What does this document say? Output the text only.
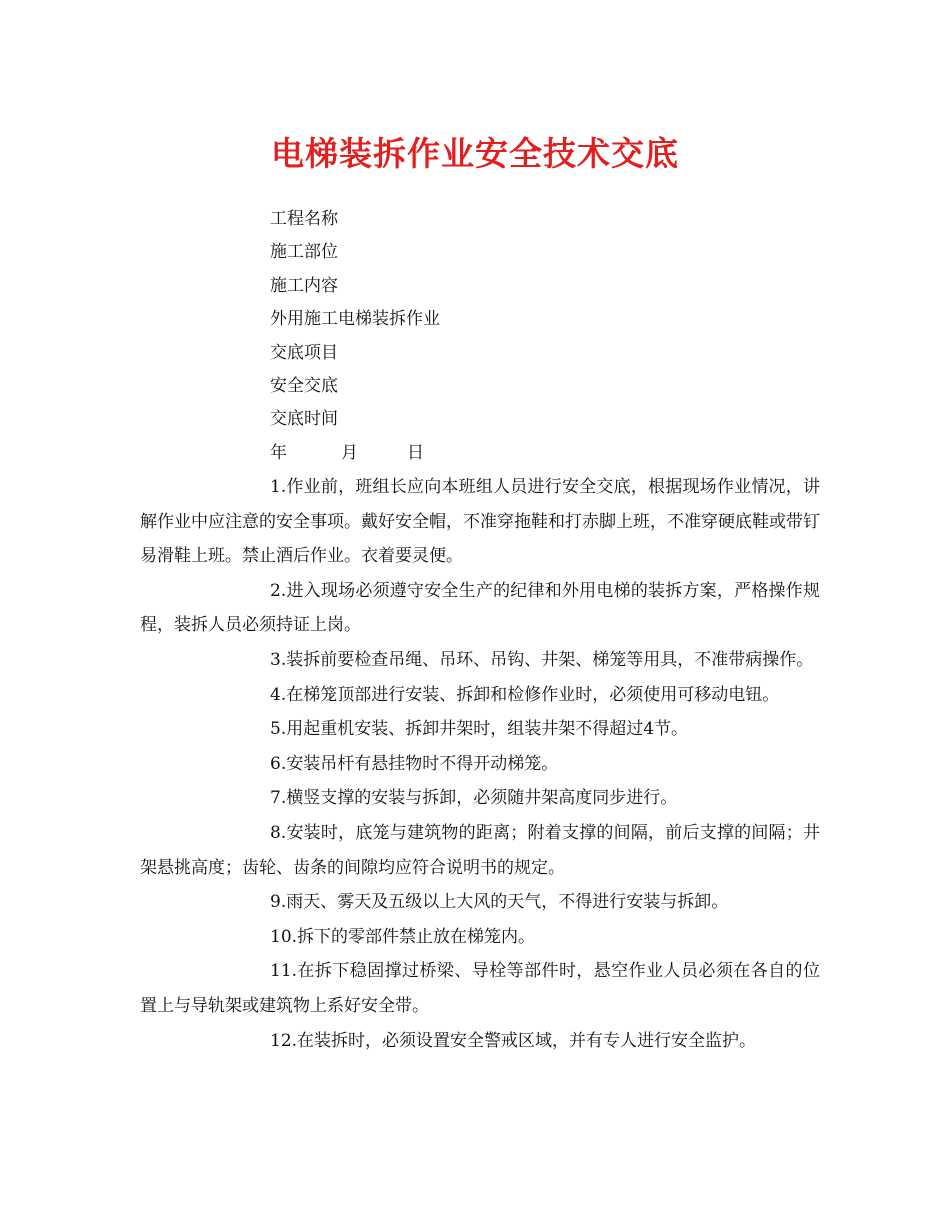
电梯装拆作业安全技术交底
工程名称
施工部位
施工内容
外用施工电梯装拆作业
交底项目
安全交底
交底时间
年	月	日

1.作业前，班组长应向本班组人员进行安全交底，根据现场作业情况，讲解作业中应注意的安全事项。戴好安全帽，不准穿拖鞋和打赤脚上班，不准穿硬底鞋或带钉易滑鞋上班。禁止酒后作业。衣着要灵便。

2.进入现场必须遵守安全生产的纪律和外用电梯的装拆方案，严格操作规程，装拆人员必须持证上岗。

3.装拆前要检查吊绳、吊环、吊钩、井架、梯笼等用具，不准带病操作。

4.在梯笼顶部进行安装、拆卸和检修作业时，必须使用可移动电钮。

5.用起重机安装、拆卸井架时，组装井架不得超过4节。

6.安装吊杆有悬挂物时不得开动梯笼。

7.横竖支撑的安装与拆卸，必须随井架高度同步进行。

8.安装时，底笼与建筑物的距离；附着支撑的间隔，前后支撑的间隔；井架悬挑高度；齿轮、齿条的间隙均应符合说明书的规定。

9.雨天、雾天及五级以上大风的天气，不得进行安装与拆卸。

10.拆下的零部件禁止放在梯笼内。

11.在拆下稳固撑过桥梁、导栓等部件时，悬空作业人员必须在各自的位置上与导轨架或建筑物上系好安全带。

12.在装拆时，必须设置安全警戒区域，并有专人进行安全监护。
